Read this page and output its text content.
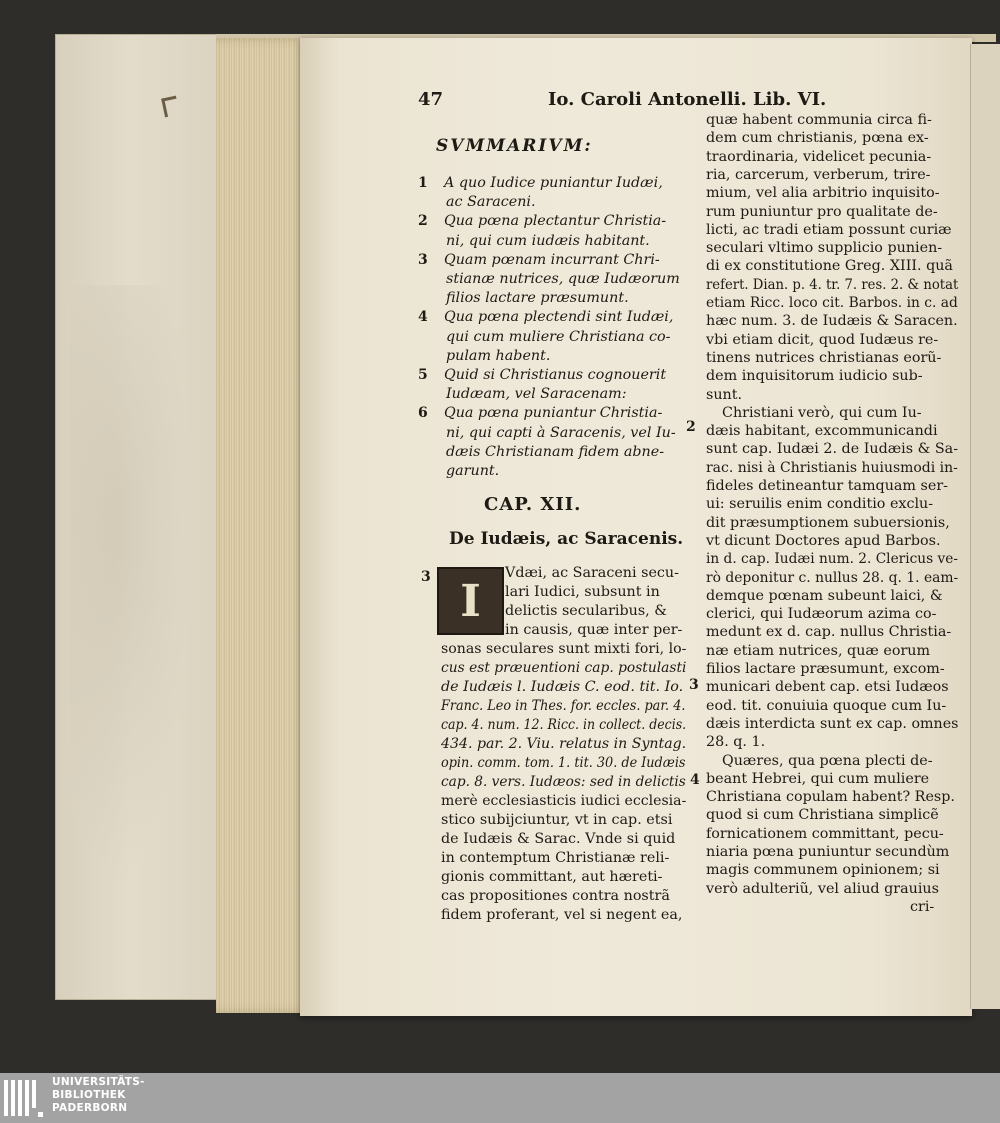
47	Io. Caroli Antonelli. Lib. VI.
SVMMARIVM:
1 A quo Iudice puniantur Iudæi,
ac Saraceni.
2 Qua pœna plectantur Christia-
ni, qui cum iudæis habitant.
3 Quam pœnam incurrant Chri-
stianæ nutrices, quæ Iudæorum
filios lactare præsumunt.
4 Qua pœna plectendi sint Iudæi,
qui cum muliere Christiana co-
pulam habent.
5 Quid si Christianus cognouerit
Iudæam, vel Saracenam:
6 Qua pœna puniantur Christia-
ni, qui capti à Saracenis, vel Iu-
dæis Christianam fidem abne-
garunt.
CAP. XII.
De Iudæis, ac Saracenis.
I
Vdæi, ac Saraceni secu-
lari Iudici, subsunt in
delictis secularibus, &
in causis, quæ inter per-
sonas seculares sunt mixti fori, lo-
cus est præuentioni cap. postulasti
de Iudæis l. Iudæis C. eod. tit. Io.
Franc. Leo in Thes. for. eccles. par. 4.
cap. 4. num. 12. Ricc. in collect. decis.
434. par. 2. Viu. relatus in Syntag.
opin. comm. tom. 1. tit. 30. de Iudæis
cap. 8. vers. Iudæos: sed in delictis
merè ecclesiasticis iudici ecclesia-
stico subijciuntur, vt in cap. etsi
de Iudæis & Sarac. Vnde si quid
in contemptum Christianæ reli-
gionis committant, aut hæreti-
cas propositiones contra nostrã
fidem proferant, vel si negent ea,
quæ habent communia circa fi-
dem cum christianis, pœna ex-
traordinaria, videlicet pecunia-
ria, carcerum, verberum, trire-
mium, vel alia arbitrio inquisito-
rum puniuntur pro qualitate de-
licti, ac tradi etiam possunt curiæ
seculari vltimo supplicio punien-
di ex constitutione Greg. XIII. quã
refert. Dian. p. 4. tr. 7. res. 2. & notat
etiam Ricc. loco cit. Barbos. in c. ad
hæc num. 3. de Iudæis & Saracen.
vbi etiam dicit, quod Iudæus re-
tinens nutrices christianas eorũ-
dem inquisitorum iudicio sub-
sunt.
Christiani verò, qui cum Iu-
dæis habitant, excommunicandi
sunt cap. Iudæi 2. de Iudæis & Sa-
rac. nisi à Christianis huiusmodi in-
fideles detineantur tamquam ser-
ui: seruilis enim conditio exclu-
dit præsumptionem subuersionis,
vt dicunt Doctores apud Barbos.
in d. cap. Iudæi num. 2. Clericus ve-
rò deponitur c. nullus 28. q. 1. eam-
demque pœnam subeunt laici, &
clerici, qui Iudæorum azima co-
medunt ex d. cap. nullus Christia-
næ etiam nutrices, quæ eorum
filios lactare præsumunt, excom-
municari debent cap. etsi Iudæos
eod. tit. conuiuia quoque cum Iu-
dæis interdicta sunt ex cap. omnes
28. q. 1.
Quæres, qua pœna plecti de-
beant Hebrei, qui cum muliere
Christiana copulam habent? Resp.
quod si cum Christiana simplicẽ
fornicationem committant, pecu-
niaria pœna puniuntur secundùm
magis communem opinionem; si
verò adulteriũ, vel aliud grauius
cri-
3
2
3
4
UNIVERSITÄTS-
BIBLIOTHEK
PADERBORN
